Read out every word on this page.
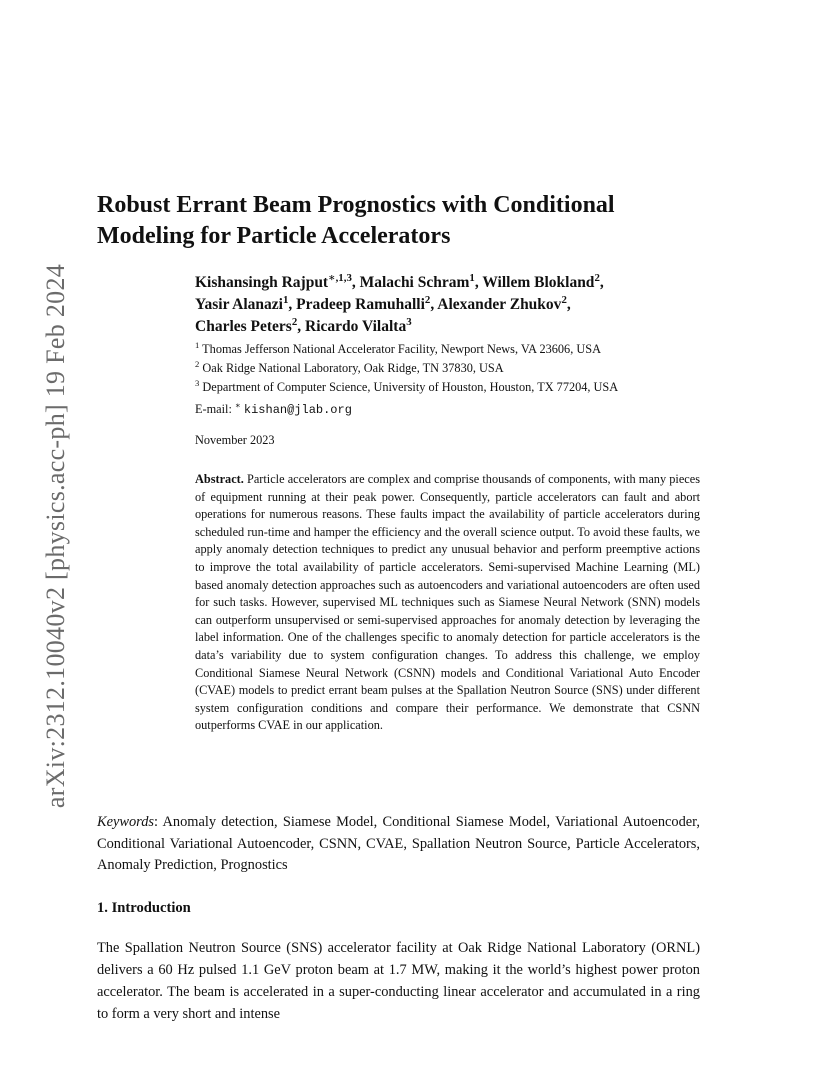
arXiv:2312.10040v2 [physics.acc-ph] 19 Feb 2024
Robust Errant Beam Prognostics with Conditional
Modeling for Particle Accelerators
Kishansingh Rajput$^{∗,1,3}$, Malachi Schram$^1$, Willem Blokland$^2$,
Yasir Alanazi$^1$, Pradeep Ramuhalli$^2$, Alexander Zhukov$^2$,
Charles Peters$^2$, Ricardo Vilalta$^3$
$^1$ Thomas Jefferson National Accelerator Facility, Newport News, VA 23606, USA
$^2$ Oak Ridge National Laboratory, Oak Ridge, TN 37830, USA
$^3$ Department of Computer Science, University of Houston, Houston, TX 77204, USA
E-mail: ∗ kishan@jlab.org
November 2023

Abstract. Particle accelerators are complex and comprise thousands of components, with many pieces of equipment running at their peak power. Consequently, particle accelerators can fault and abort operations for numerous reasons. These faults impact the availability of particle accelerators during scheduled run-time and hamper the efficiency and the overall science output. To avoid these faults, we apply anomaly detection techniques to predict any unusual behavior and perform preemptive actions to improve the total availability of particle accelerators. Semi-supervised Machine Learning (ML) based anomaly detection approaches such as autoencoders and variational autoencoders are often used for such tasks. However, supervised ML techniques such as Siamese Neural Network (SNN) models can outperform unsupervised or semi-supervised approaches for anomaly detection by leveraging the label information. One of the challenges specific to anomaly detection for particle accelerators is the data’s variability due to system configuration changes. To address this challenge, we employ Conditional Siamese Neural Network (CSNN) models and Conditional Variational Auto Encoder (CVAE) models to predict errant beam pulses at the Spallation Neutron Source (SNS) under different system configuration conditions and compare their performance. We demonstrate that CSNN outperforms CVAE in our application.

Keywords: Anomaly detection, Siamese Model, Conditional Siamese Model, Variational Autoencoder, Conditional Variational Autoencoder, CSNN, CVAE, Spallation Neutron Source, Particle Accelerators, Anomaly Prediction, Prognostics

1. Introduction

The Spallation Neutron Source (SNS) accelerator facility at Oak Ridge National Laboratory (ORNL) delivers a 60 Hz pulsed 1.1 GeV proton beam at 1.7 MW, making it the world’s highest power proton accelerator. The beam is accelerated in a super-conducting linear accelerator and accumulated in a ring to form a very short and intense
